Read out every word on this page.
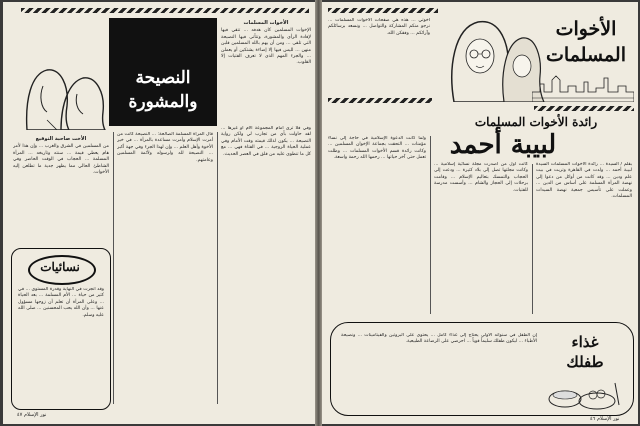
النصيحة
والمشورة

الأخوات المسلمات

الإخوات المسلمين كان هدفه ... تتقي فيها لإفادة الرأي والمشورة، وتتأتى فيها النصيحة التي تلقى ... ومن أن يهم بالله المسلمين قلبن منهن ... لليس فيها إلا إضاءة يشتكين أو يعملن ... والجزء المهم الذي لا تعرف الفتيات إلا القلوب.

وفي فلا ترى أمام المجموعة الأم أو غيرها ... لقد حاولت بأي من تجارب لي ولكن رواية النصيحة ... يكون لذلك قيمته وقت الأمام وفي عملية الحياة الزوجية ... في الفتاة فهي ... مع كل ما تنطوي عليه من قلق في العصر الحديث.

قال المرأة المسلمة الصالحة: ... النصيحة كانت من أمرت الإسلام وأمرت مساعدة بالمرأة ... في خير الأخوة وأهل العلم ... وإن لهذا الجزء وفي جهة أكبر ... النصيحة لله ولرسوله ولأئمة المسلمين وعامتهم.

الأخت صاحبة التوقيع

من المسلمين في الشرق والغرب ... وإن هذا لأمر هام يعطي قيمة ... سنته وتاريخه ... المرأة المسلمة ... الحجاب في الوقت الحاضر وفي الشاطئ الحالي مما يظهر جدية ما تطلعن إليه الأخوات.

نسائيات
وقد أنجزت في النهاية وقدرة المستوى ... في كثير من حياة ... الأم المسلمة ... بعد الحياة ... وعلى المرأة أن تعلم أن زوجها مسؤول عنها ... وأن الله يحب المحسنين ... صلى الله عليه وسلم.
نور الإسلام ٤٧
الأخوات
المسلمات

أخوتي ... هذه هي صفحات الأخوات المسلمات ... نرجو منكم المشاركة والتواصل ... ونسعد برسائلكم وآرائكم ... وفقكن الله.

رائدة الأخوات المسلمات
لبيبة أحمد

بقلم / السيدة ... رائدة الأخوات المسلمات السيدة لبيبة أحمد ... ولدت في القاهرة وتربت في بيت علم ودين ... وقد كانت من أوائل من دعوا إلى نهضة المرأة المسلمة على أساس من الدين ... وعملت على تأسيس جمعية نهضة السيدات المسلمات.

كانت أول من أصدرت مجلة نسائية إسلامية ... وكانت مجلتها تصل إلى بلاد كثيرة ... ودعت إلى الحجاب والتمسك بتعاليم الإسلام ... وقامت برحلات إلى الحجاز والشام ... وأسست مدرسة للفتيات.

ولما كانت الدعوة الإسلامية في حاجة إلى نساء مؤمنات ... التحقت بجماعة الإخوان المسلمين ... وكانت رائدة قسم الأخوات المسلمات ... وظلت تعمل حتى آخر حياتها ... رحمها الله رحمة واسعة.

إن الطفل في سنواته الأولى يحتاج إلى غذاء كامل ... يحتوي على البروتين والفيتامينات ... ونصيحة الأطباء ... ليكون طفلك سليماً قوياً ... احرصي على الرضاعة الطبيعية.	غذاء
طفلك
نور الإسلام ٤٦
